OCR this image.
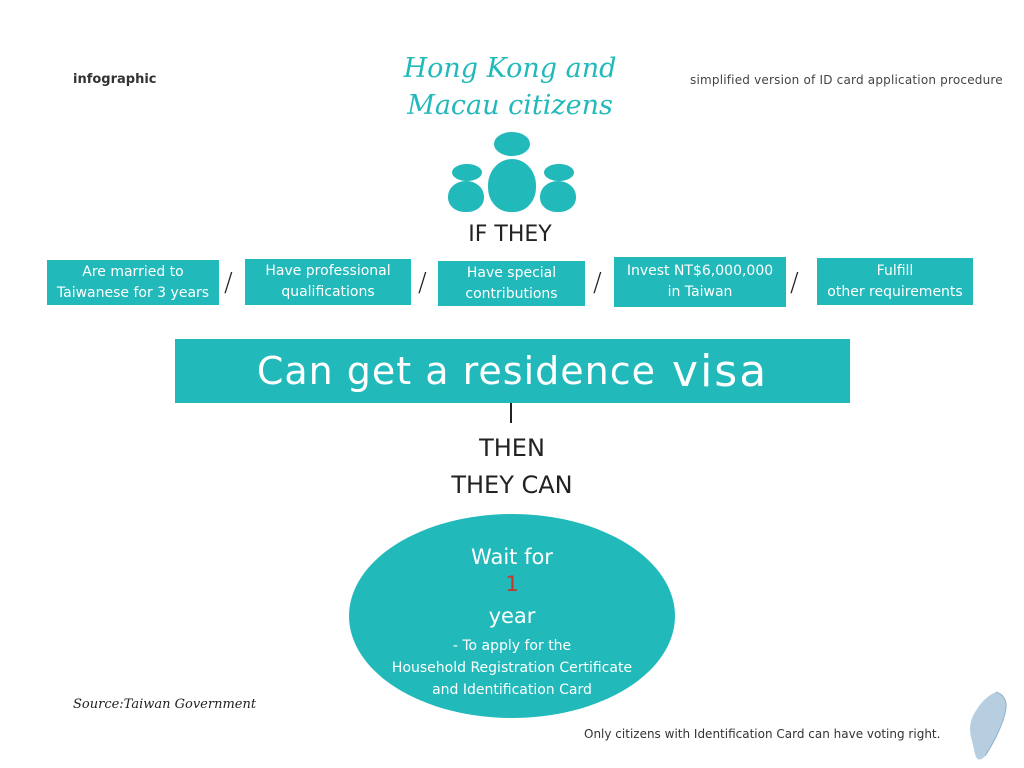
infographic	simplified version of ID card application procedure
Hong Kong and
Macau citizens
IF THEY
Are married to
Taiwanese for 3 years / Have professional
qualifications	/	Have special
contributions / Invest NT$6,000,000
in Taiwan	/	Fulfill
other requirements
Can get a residence visa
THEN
THEY CAN
Wait for
1
year
- To apply for the
Household Registration Certificate
and Identification Card
Source:Taiwan Government
Only citizens with Identification Card can have voting right.
